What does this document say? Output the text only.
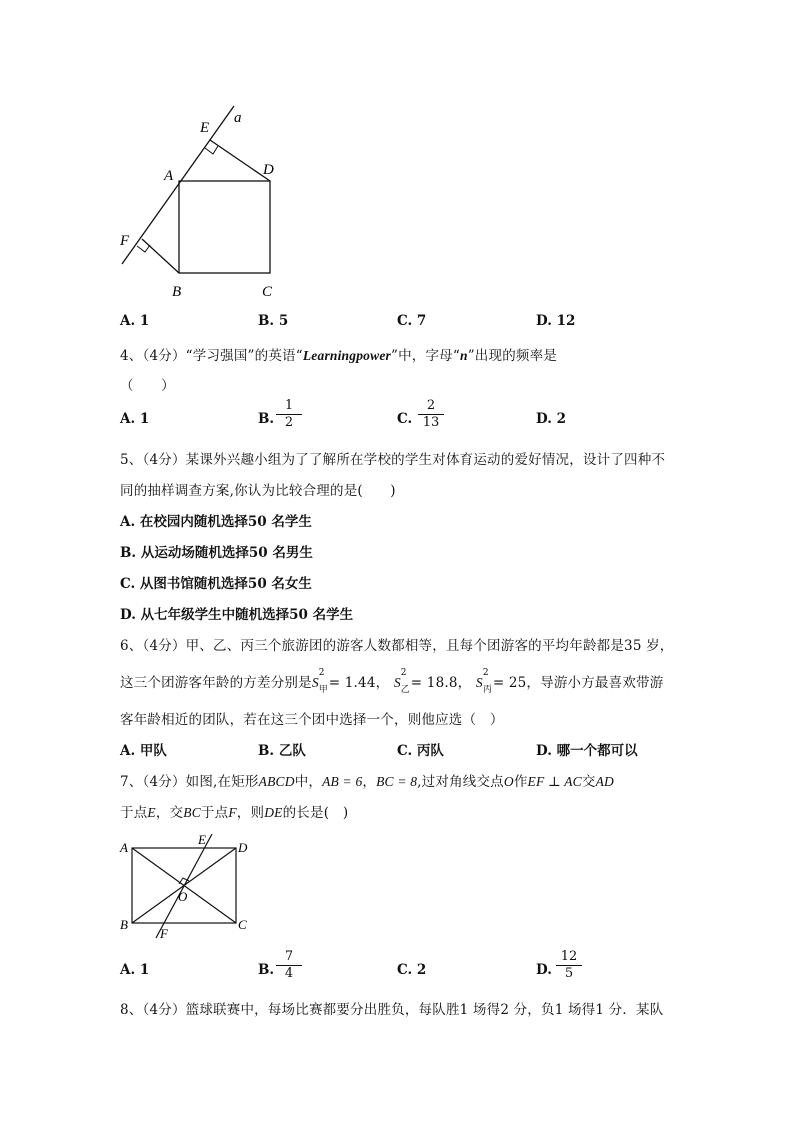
E
a
A	D
F
B	C
A. 1	B. 5	C. 7	D. 12
4、（4分）“学习强国”的英语“Learningpower”中，字母“n”出现的频率是
（　　）
A. 1	B. $\frac{1}{2}$	C. $\frac{2}{13}$	D. 2
5、（4分）某课外兴趣小组为了了解所在学校的学生对体育运动的爱好情况，设计了四种不
同的抽样调查方案,你认为比较合理的是(　　)
A. 在校园内随机选择50 名学生
B. 从运动场随机选择50 名男生
C. 从图书馆随机选择50 名女生
D. 从七年级学生中随机选择50 名学生
6、（4分）甲、乙、丙三个旅游团的游客人数都相等，且每个团游客的平均年龄都是35 岁，
这三个团游客年龄的方差分别是S
2
甲 = 1.44， S
2
乙 = 18.8， S
2
丙 = 25，导游小方最喜欢带游
客年龄相近的团队，若在这三个团中选择一个，则他应选（　）
A. 甲队	B. 乙队	C. 丙队	D. 哪一个都可以
7、（4分）如图,在矩形ABCD中，AB = 6，BC = 8,过对角线交点O作EF ⊥ AC交AD
于点E，交BC于点F，则DE的长是(　)
A
E
D
O
B
F
C
A. 1	B. $\frac{7}{4}$	C. 2	D. $\frac{12}{5}$
8、（4分）篮球联赛中，每场比赛都要分出胜负，每队胜1 场得2 分，负1 场得1 分．某队
